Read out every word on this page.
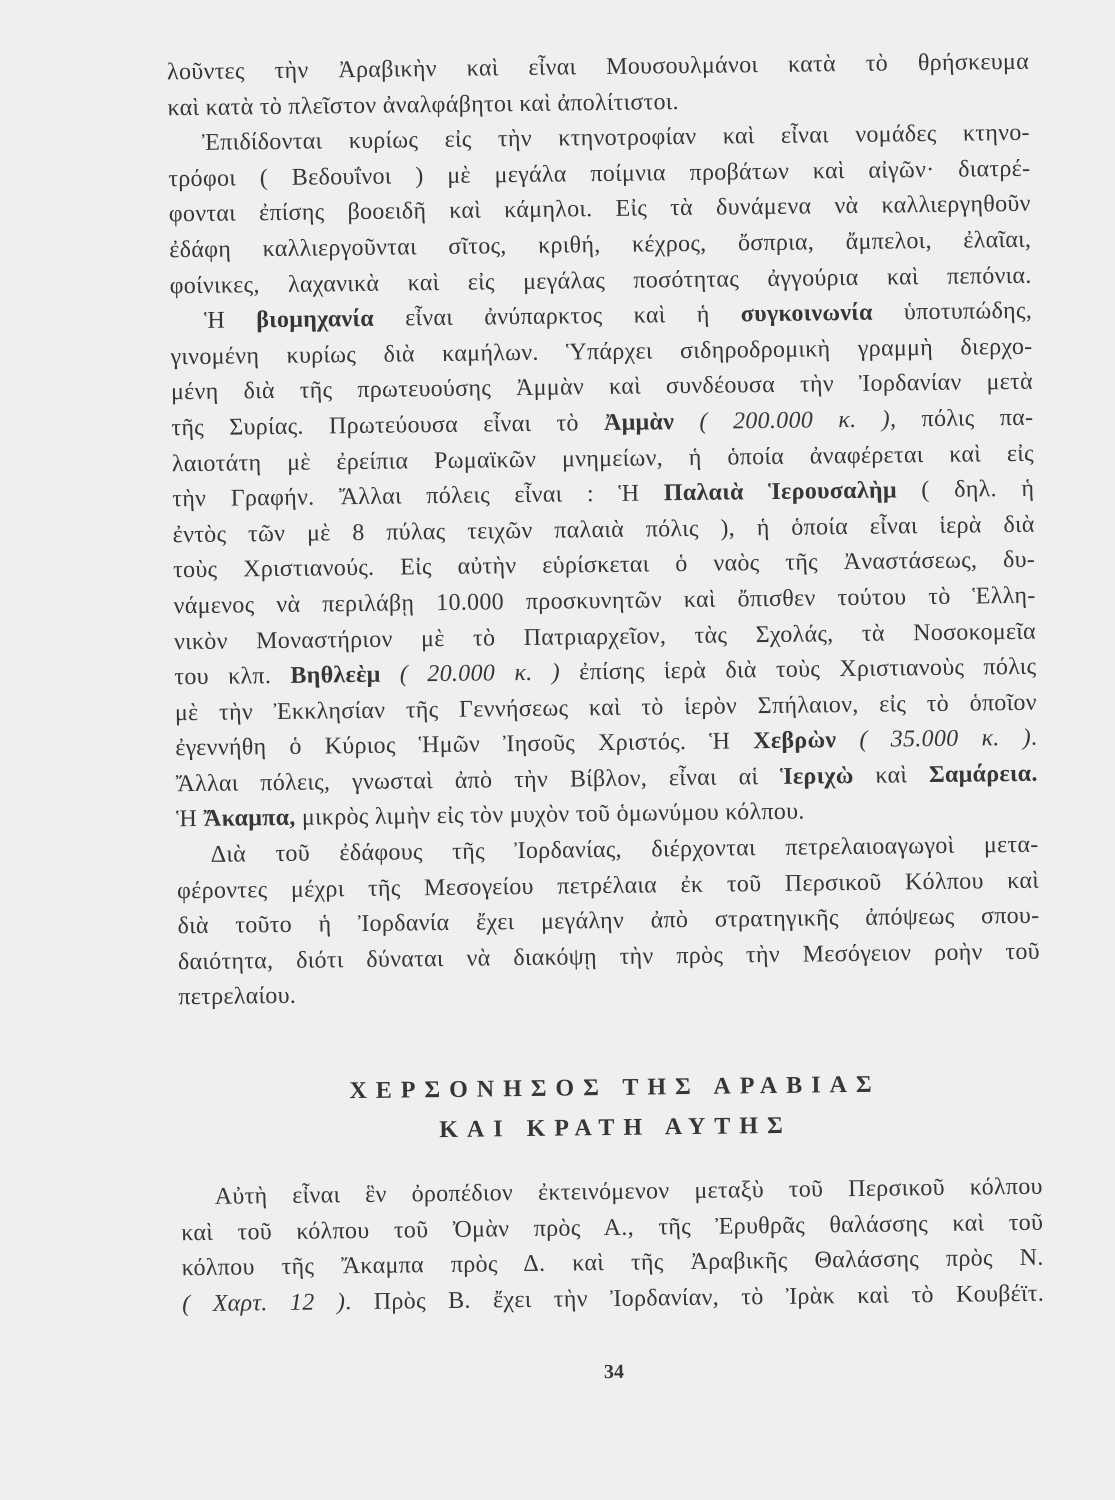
λοῦντες τὴν Ἀραβικὴν καὶ εἶναι Μουσουλμάνοι κατὰ τὸ θρήσκευμα
καὶ κατὰ τὸ πλεῖστον ἀναλφάβητοι καὶ ἀπολίτιστοι.
Ἐπιδίδονται κυρίως εἰς τὴν κτηνοτροφίαν καὶ εἶναι νομάδες κτηνο-
τρόφοι ( Βεδουΐνοι ) μὲ μεγάλα ποίμνια προβάτων καὶ αἰγῶν· διατρέ-
φονται ἐπίσης βοοειδῆ καὶ κάμηλοι. Εἰς τὰ δυνάμενα νὰ καλλιεργηθοῦν
ἐδάφη καλλιεργοῦνται σῖτος, κριθή, κέχρος, ὄσπρια, ἄμπελοι, ἐλαῖαι,
φοίνικες, λαχανικὰ καὶ εἰς μεγάλας ποσότητας ἀγγούρια καὶ πεπόνια.
Ἡ βιομηχανία εἶναι ἀνύπαρκτος καὶ ἡ συγκοινωνία ὑποτυπώδης,
γινομένη κυρίως διὰ καμήλων. Ὑπάρχει σιδηροδρομικὴ γραμμὴ διερχο-
μένη διὰ τῆς πρωτευούσης Ἀμμὰν καὶ συνδέουσα τὴν Ἰορδανίαν μετὰ
τῆς Συρίας. Πρωτεύουσα εἶναι τὸ Ἀμμὰν ( 200.000 κ. ), πόλις πα-
λαιοτάτη μὲ ἐρείπια Ρωμαϊκῶν μνημείων, ἡ ὁποία ἀναφέρεται καὶ εἰς
τὴν Γραφήν. Ἄλλαι πόλεις εἶναι : Ἡ Παλαιὰ Ἱερουσαλὴμ ( δηλ. ἡ
ἐντὸς τῶν μὲ 8 πύλας τειχῶν παλαιὰ πόλις ), ἡ ὁποία εἶναι ἱερὰ διὰ
τοὺς Χριστιανούς. Εἰς αὐτὴν εὑρίσκεται ὁ ναὸς τῆς Ἀναστάσεως, δυ-
νάμενος νὰ περιλάβῃ 10.000 προσκυνητῶν καὶ ὄπισθεν τούτου τὸ Ἑλλη-
νικὸν Μοναστήριον μὲ τὸ Πατριαρχεῖον, τὰς Σχολάς, τὰ Νοσοκομεῖα
του κλπ. Βηθλεὲμ ( 20.000 κ. ) ἐπίσης ἱερὰ διὰ τοὺς Χριστιανοὺς πόλις
μὲ τὴν Ἐκκλησίαν τῆς Γεννήσεως καὶ τὸ ἱερὸν Σπήλαιον, εἰς τὸ ὁποῖον
ἐγεννήθη ὁ Κύριος Ἡμῶν Ἰησοῦς Χριστός. Ἡ Χεβρὼν ( 35.000 κ. ).
Ἄλλαι πόλεις, γνωσταὶ ἀπὸ τὴν Βίβλον, εἶναι αἱ Ἱεριχὼ καὶ Σαμάρεια.
Ἡ Ἄκαμπα, μικρὸς λιμὴν εἰς τὸν μυχὸν τοῦ ὁμωνύμου κόλπου.
Διὰ τοῦ ἐδάφους τῆς Ἰορδανίας, διέρχονται πετρελαιοαγωγοὶ μετα-
φέροντες μέχρι τῆς Μεσογείου πετρέλαια ἐκ τοῦ Περσικοῦ Κόλπου καὶ
διὰ τοῦτο ἡ Ἰορδανία ἔχει μεγάλην ἀπὸ στρατηγικῆς ἀπόψεως σπου-
δαιότητα, διότι δύναται νὰ διακόψῃ τὴν πρὸς τὴν Μεσόγειον ροὴν τοῦ
πετρελαίου.
ΧΕΡΣΟΝΗΣΟΣ ΤΗΣ ΑΡΑΒΙΑΣ
ΚΑΙ ΚΡΑΤΗ ΑΥΤΗΣ
Αὐτὴ εἶναι ἓν ὀροπέδιον ἐκτεινόμενον μεταξὺ τοῦ Περσικοῦ κόλπου
καὶ τοῦ κόλπου τοῦ Ὀμὰν πρὸς Α., τῆς Ἐρυθρᾶς θαλάσσης καὶ τοῦ
κόλπου τῆς Ἄκαμπα πρὸς Δ. καὶ τῆς Ἀραβικῆς Θαλάσσης πρὸς Ν.
( Χαρτ. 12 ). Πρὸς Β. ἔχει τὴν Ἰορδανίαν, τὸ Ἰρὰκ καὶ τὸ Κουβέϊτ.
34
